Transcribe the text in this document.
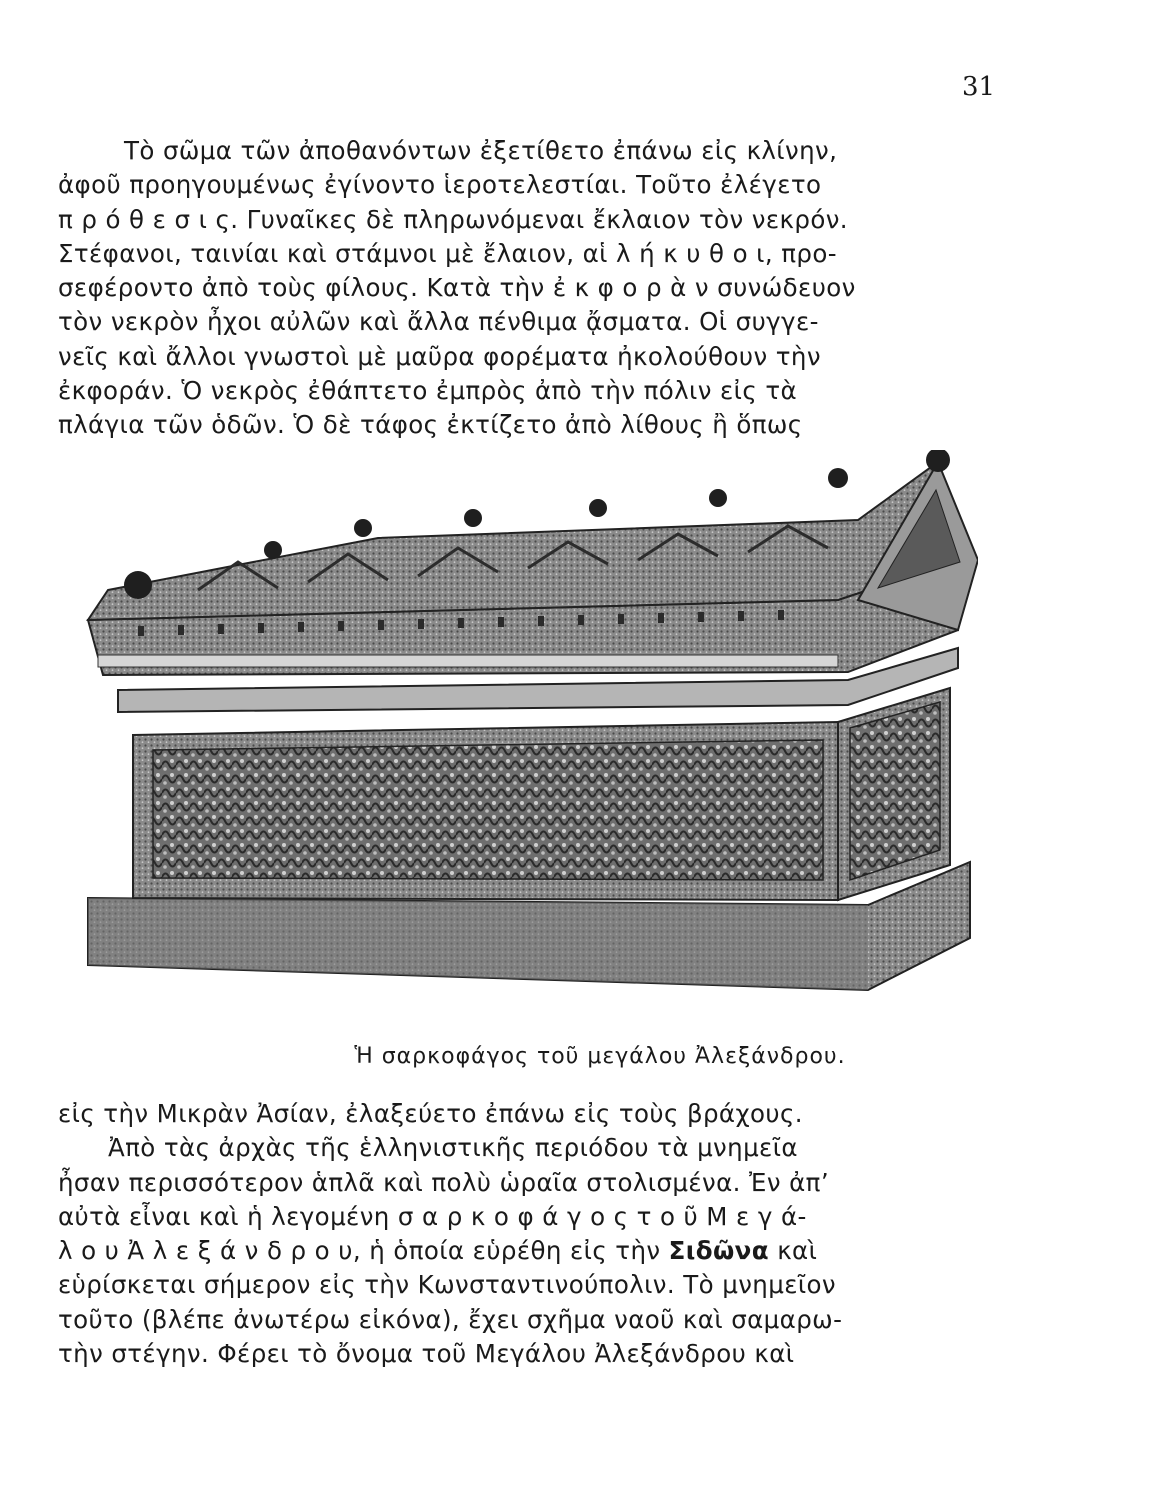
31
Τὸ σῶμα τῶν ἀποθανόντων ἐξετίθετο ἐπάνω εἰς κλίνην,
ἀφοῦ προηγουμένως ἐγίνοντο ἱεροτελεστίαι. Τοῦτο ἐλέγετο
π ρ ό θ ε σ ι ς. Γυναῖκες δὲ πληρωνόμεναι ἔκλαιον τὸν νεκρόν.
Στέφανοι, ταινίαι καὶ στάμνοι μὲ ἔλαιον, αἱ λ ή κ υ θ ο ι, προ-
σεφέροντο ἀπὸ τοὺς φίλους. Κατὰ τὴν ἐ κ φ ο ρ ὰ ν συνώδευον
τὸν νεκρὸν ἦχοι αὐλῶν καὶ ἄλλα πένθιμα ᾄσματα. Οἱ συγγε-
νεῖς καὶ ἄλλοι γνωστοὶ μὲ μαῦρα φορέματα ἠκολούθουν τὴν
ἐκφοράν. Ὁ νεκρὸς ἐθάπτετο ἐμπρὸς ἀπὸ τὴν πόλιν εἰς τὰ
πλάγια τῶν ὁδῶν. Ὁ δὲ τάφος ἐκτίζετο ἀπὸ λίθους ἢ ὅπως
Ἡ σαρκοφάγος τοῦ μεγάλου Ἀλεξάνδρου.
εἰς τὴν Μικρὰν Ἀσίαν, ἐλαξεύετο ἐπάνω εἰς τοὺς βράχους.
Ἀπὸ τὰς ἀρχὰς τῆς ἑλληνιστικῆς περιόδου τὰ μνημεῖα
ἦσαν περισσότερον ἁπλᾶ καὶ πολὺ ὡραῖα στολισμένα. Ἐν ἀπ’
αὐτὰ εἶναι καὶ ἡ λεγομένη σ α ρ κ ο φ ά γ ο ς τ ο ῦ Μ ε γ ά-
λ ο υ Ἀ λ ε ξ ά ν δ ρ ο υ, ἡ ὁποία εὑρέθη εἰς τὴν Σιδῶνα καὶ
εὑρίσκεται σήμερον εἰς τὴν Κωνσταντινούπολιν. Τὸ μνημεῖον
τοῦτο (βλέπε ἀνωτέρω εἰκόνα), ἔχει σχῆμα ναοῦ καὶ σαμαρω-
τὴν στέγην. Φέρει τὸ ὄνομα τοῦ Μεγάλου Ἀλεξάνδρου καὶ
